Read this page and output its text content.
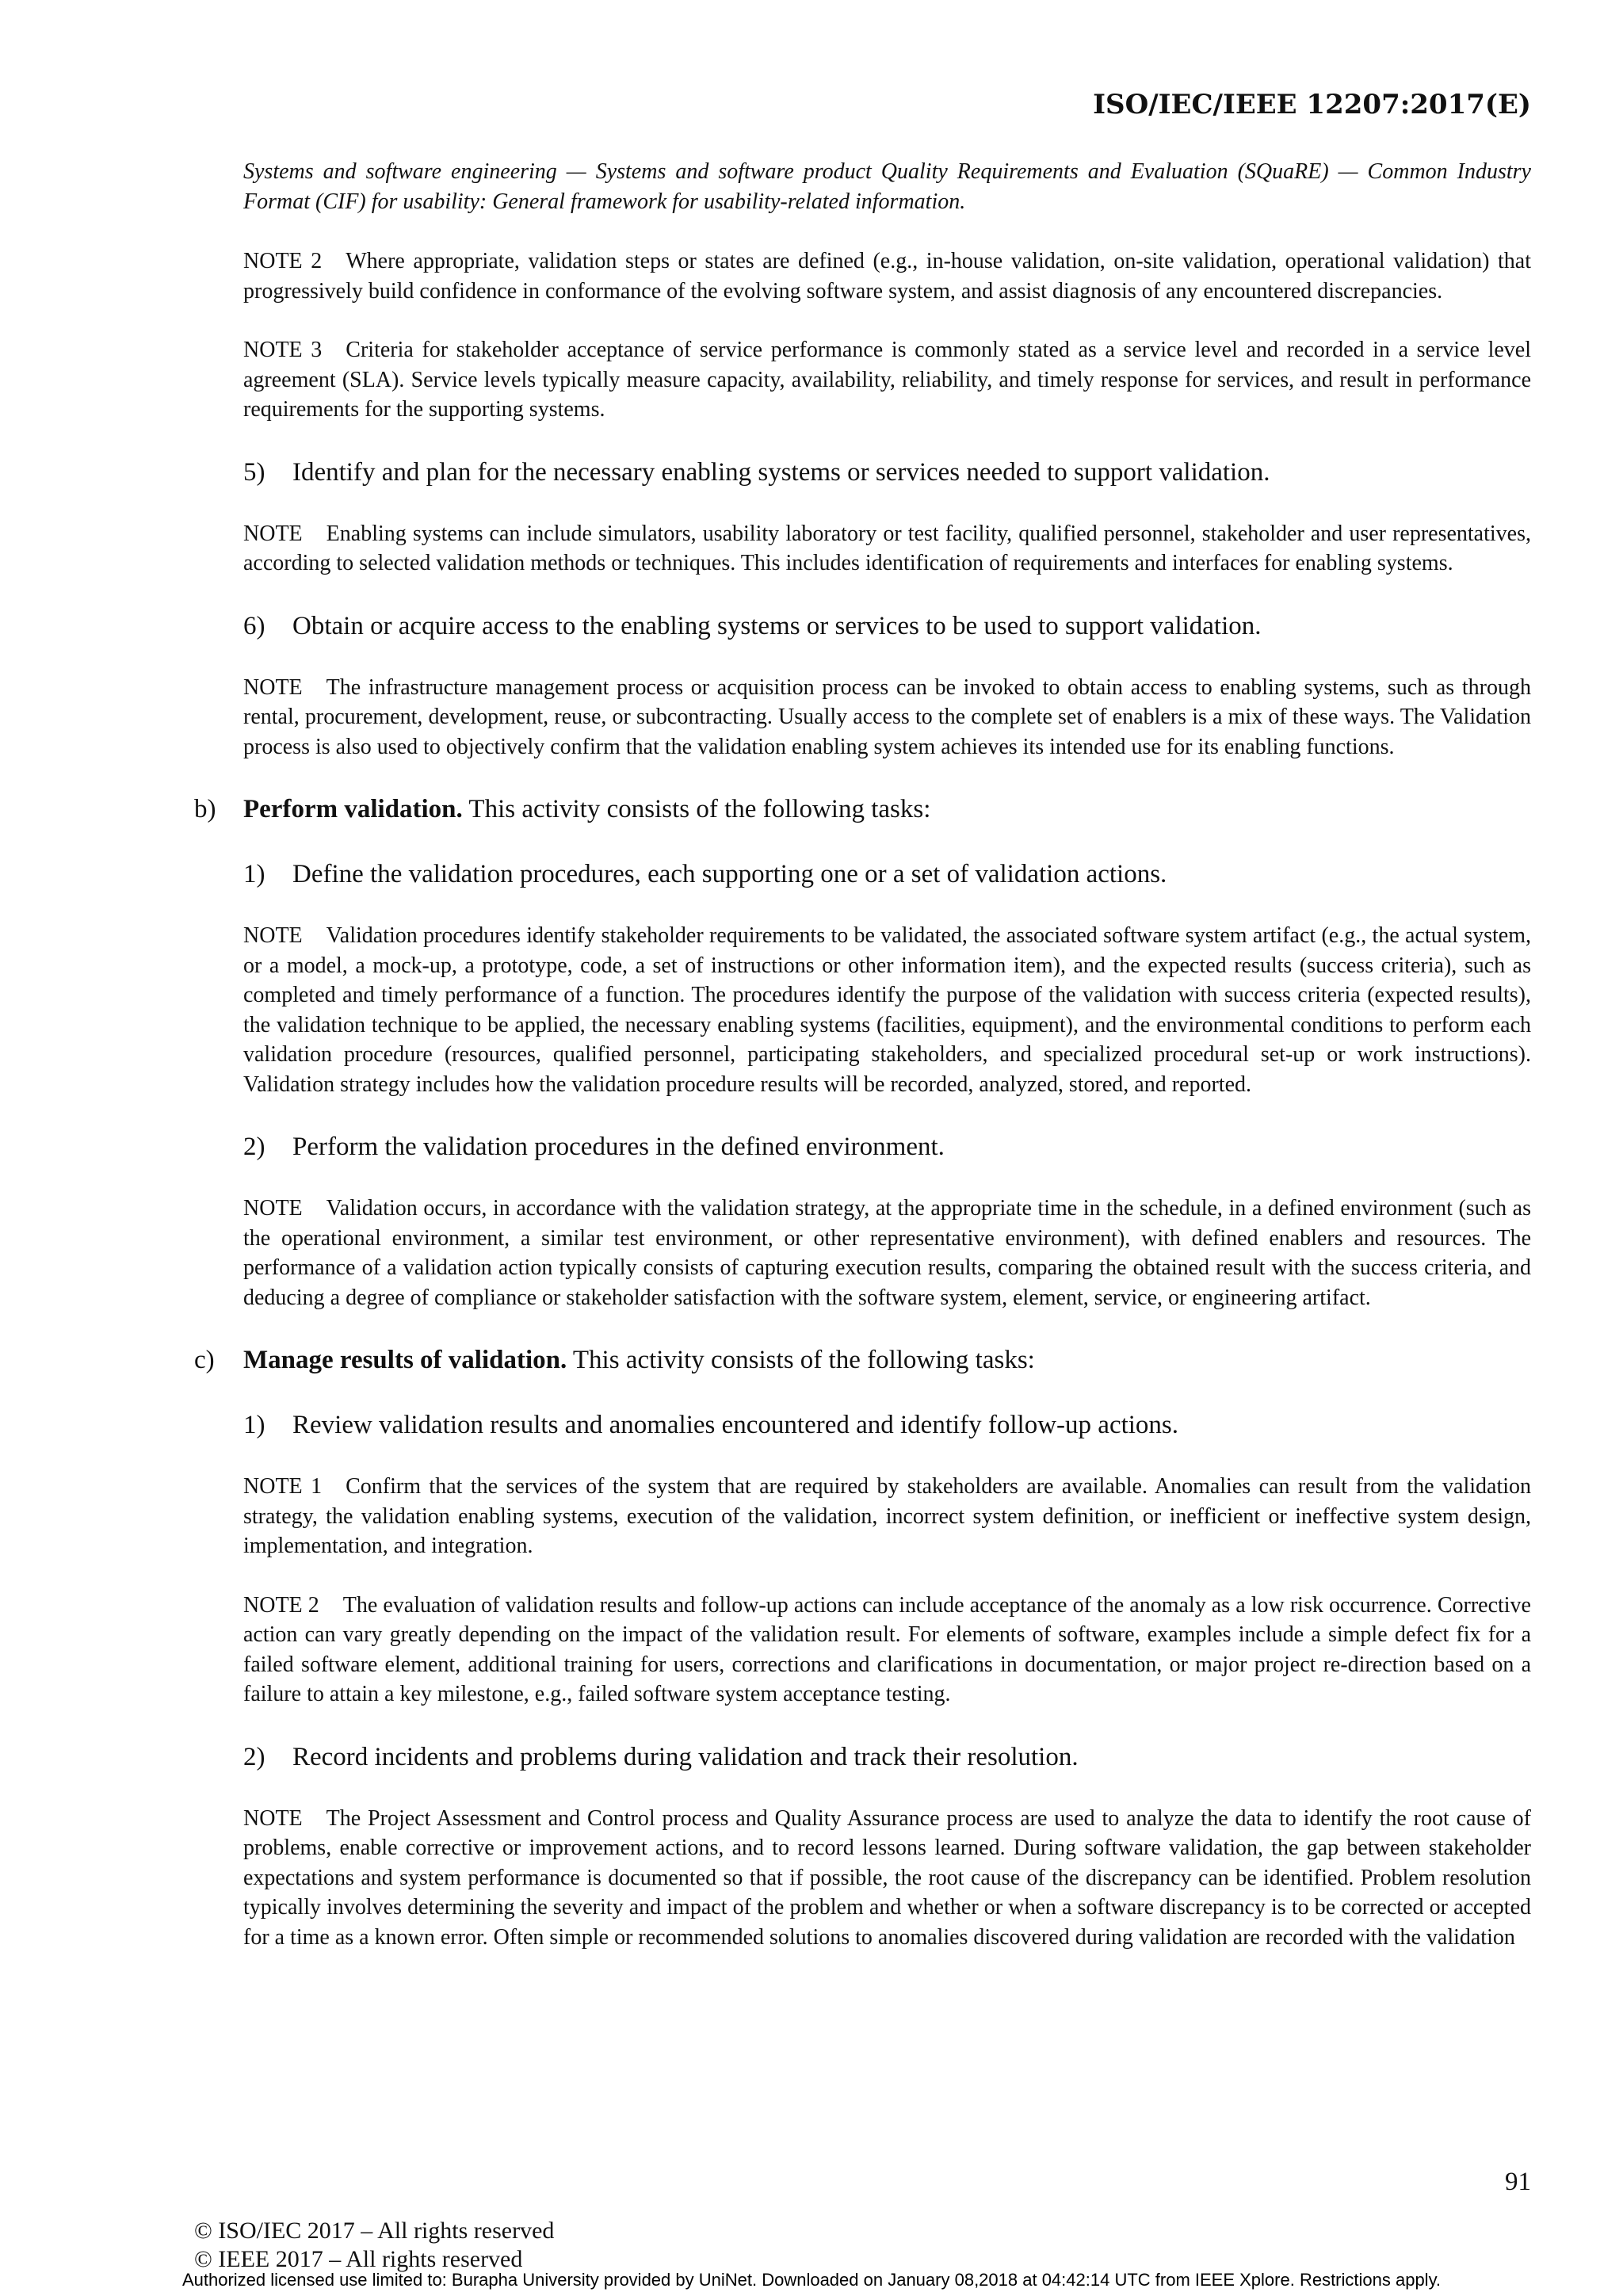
ISO/IEC/IEEE 12207:2017(E)
Systems and software engineering — Systems and software product Quality Requirements and Evaluation (SQuaRE) — Common Industry Format (CIF) for usability: General framework for usability-related information.
NOTE 2 Where appropriate, validation steps or states are defined (e.g., in-house validation, on-site validation, operational validation) that progressively build confidence in conformance of the evolving software system, and assist diagnosis of any encountered discrepancies.
NOTE 3 Criteria for stakeholder acceptance of service performance is commonly stated as a service level and recorded in a service level agreement (SLA). Service levels typically measure capacity, availability, reliability, and timely response for services, and result in performance requirements for the supporting systems.
5)	Identify and plan for the necessary enabling systems or services needed to support validation.
NOTE Enabling systems can include simulators, usability laboratory or test facility, qualified personnel, stakeholder and user representatives, according to selected validation methods or techniques. This includes identification of requirements and interfaces for enabling systems.
6)	Obtain or acquire access to the enabling systems or services to be used to support validation.
NOTE The infrastructure management process or acquisition process can be invoked to obtain access to enabling systems, such as through rental, procurement, development, reuse, or subcontracting. Usually access to the complete set of enablers is a mix of these ways. The Validation process is also used to objectively confirm that the validation enabling system achieves its intended use for its enabling functions.
b)	Perform validation. This activity consists of the following tasks:
1)	Define the validation procedures, each supporting one or a set of validation actions.
NOTE Validation procedures identify stakeholder requirements to be validated, the associated software system artifact (e.g., the actual system, or a model, a mock-up, a prototype, code, a set of instructions or other information item), and the expected results (success criteria), such as completed and timely performance of a function. The procedures identify the purpose of the validation with success criteria (expected results), the validation technique to be applied, the necessary enabling systems (facilities, equipment), and the environmental conditions to perform each validation procedure (resources, qualified personnel, participating stakeholders, and specialized procedural set-up or work instructions). Validation strategy includes how the validation procedure results will be recorded, analyzed, stored, and reported.
2)	Perform the validation procedures in the defined environment.
NOTE Validation occurs, in accordance with the validation strategy, at the appropriate time in the schedule, in a defined environment (such as the operational environment, a similar test environment, or other representative environment), with defined enablers and resources. The performance of a validation action typically consists of capturing execution results, comparing the obtained result with the success criteria, and deducing a degree of compliance or stakeholder satisfaction with the software system, element, service, or engineering artifact.
c)	Manage results of validation. This activity consists of the following tasks:
1)	Review validation results and anomalies encountered and identify follow-up actions.
NOTE 1 Confirm that the services of the system that are required by stakeholders are available. Anomalies can result from the validation strategy, the validation enabling systems, execution of the validation, incorrect system definition, or inefficient or ineffective system design, implementation, and integration.
NOTE 2 The evaluation of validation results and follow-up actions can include acceptance of the anomaly as a low risk occurrence. Corrective action can vary greatly depending on the impact of the validation result. For elements of software, examples include a simple defect fix for a failed software element, additional training for users, corrections and clarifications in documentation, or major project re-direction based on a failure to attain a key milestone, e.g., failed software system acceptance testing.
2)	Record incidents and problems during validation and track their resolution.
NOTE The Project Assessment and Control process and Quality Assurance process are used to analyze the data to identify the root cause of problems, enable corrective or improvement actions, and to record lessons learned. During software validation, the gap between stakeholder expectations and system performance is documented so that if possible, the root cause of the discrepancy can be identified. Problem resolution typically involves determining the severity and impact of the problem and whether or when a software discrepancy is to be corrected or accepted for a time as a known error. Often simple or recommended solutions to anomalies discovered during validation are recorded with the validation
91
© ISO/IEC 2017 – All rights reserved
© IEEE 2017 – All rights reserved
Authorized licensed use limited to: Burapha University provided by UniNet. Downloaded on January 08,2018 at 04:42:14 UTC from IEEE Xplore. Restrictions apply.
